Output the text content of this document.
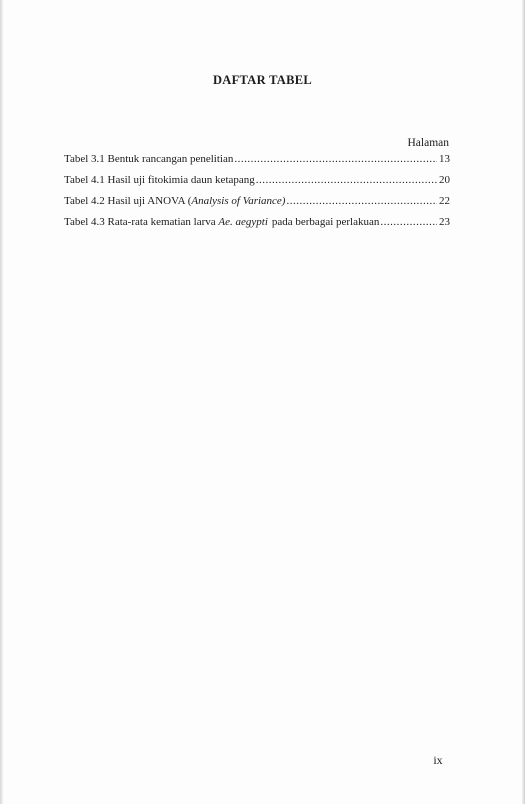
DAFTAR TABEL
Halaman
Tabel 3.1 Bentuk rancangan penelitian .....	13
Tabel 4.1 Hasil uji fitokimia daun ketapang .....	20
Tabel 4.2 Hasil uji ANOVA (Analysis of Variance) .....	22
Tabel 4.3 Rata-rata kematian larva Ae. aegypti pada berbagai perlakuan .....	23
ix
